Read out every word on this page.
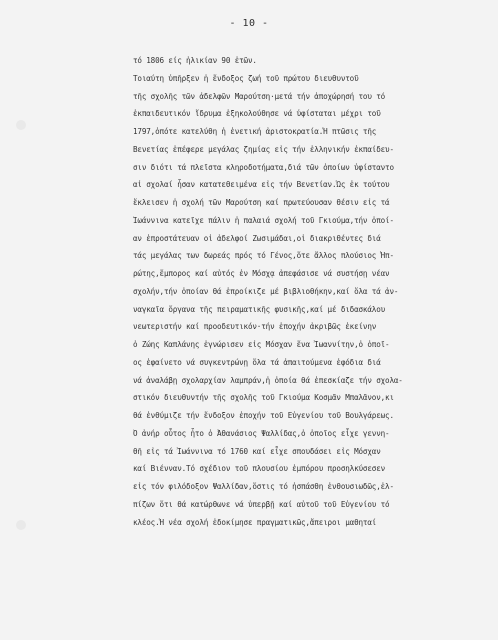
- 10 -
τό 1806 είς ἡλικίαν 90 ἐτῶν.
Τοιαύτη ὑπῆρξεν ἡ ἔνδοξος ζωή τοῦ πρώτου διευθυντοῦ
τῆς σχολῆς τῶν ἀδελφῶν Μαρούτση·μετά τήν ἀποχώρησή του τό
ἐκπαιδευτικόν ἵδρυμα ἐξηκολούθησε νά ὑφίσταται μέχρι τοῦ
1797,ὁπότε κατελύθη ἡ ἑνετική ἀριστοκρατία.Ἡ πτῶσις τῆς
Βενετίας ἐπέφερε μεγάλας ζημίας εἰς τήν ἑλληνικήν ἐκπαίδευ-
σιν διότι τά πλεῖστα κληροδοτήματα,διά τῶν ὁποίων ὑφίσταντο
αἱ σχολαί ἦσαν κατατεθειμένα εἰς τήν Βενετίαν.Ὡς ἐκ τούτου
ἔκλεισεν ἡ σχολή τῶν Μαρούτση καί πρωτεύουσαν θέσιν εἰς τά
Ἰωάννινα κατεῖχε πάλιν ἡ παλαιά σχολή τοῦ Γκιούμα,τήν ὁποί-
αν ἐπροστάτευαν οἱ ἀδελφοί Ζωσιμάδαι,οἱ διακριθέντες διά
τάς μεγάλας των δωρεάς πρός τό Γένος,ὅτε ἄλλος πλούσιος Ἠπ-
ρώτης,ἔμπορος καί αὐτός ἐν Μόσχᾳ ἀπεφάσισε νά συστήσῃ νέαν
σχολήν,τήν ὁποίαν θά ἐπροίκιζε μέ βιβλιοθήκην,καί ὅλα τά ἀν-
ναγκαῖα ὄργανα τῆς πειραματικῆς φυσικῆς,καί μέ διδασκάλου
νεωτεριστήν καί προοδευτικόν·τήν ἐποχήν ἀκριβῶς ἐκείνην
ὁ Ζώης Καπλάνης ἐγνώρισεν εἰς Μόσχαν ἕνα Ἰωαννίτην,ὁ ὁποῖ-
ος ἐφαίνετο νά συγκεντρώνῃ ὅλα τά ἀπαιτούμενα ἐφόδια διά
νά ἀναλάβῃ σχολαρχίαν λαμπράν,ἡ ὁποία θά ἐπεσκίαζε τήν σχολα-
στικόν διευθυντήν τῆς σχολῆς τοῦ Γκιούμα Κοσμᾶν Μπαλᾶνον,κι
θά ἐνθύμιζε τήν ἔνδοξον ἐποχήν τοῦ Εὐγενίου τοῦ Βουλγάρεως.
Ὁ ἀνήρ οὗτος ἦτο ὁ Ἀθανάσιος Ψαλλίδας,ὁ ὁποῖος εἶχε γεννη-
θῆ εἰς τά Ἰωάννινα τό 1760 καί εἶχε σπουδάσει εἰς Μόσχαν
καί Βιένναν.Τό σχέδιον τοῦ πλουσίου ἐμπόρου προσηλκύσεσεν
εἰς τόν φιλόδοξον Ψαλλίδαν,ὅστις τό ἠσπάσθη ἐνθουσιωδῶς,ἐλ-
πίζων ὅτι θά κατώρθωνε νά ὑπερβῇ καί αὐτοῦ τοῦ Εὐγενίου τό
κλέος.Ἡ νέα σχολή ἐδοκίμησε πραγματικῶς,ἄπειροι μαθηταί
